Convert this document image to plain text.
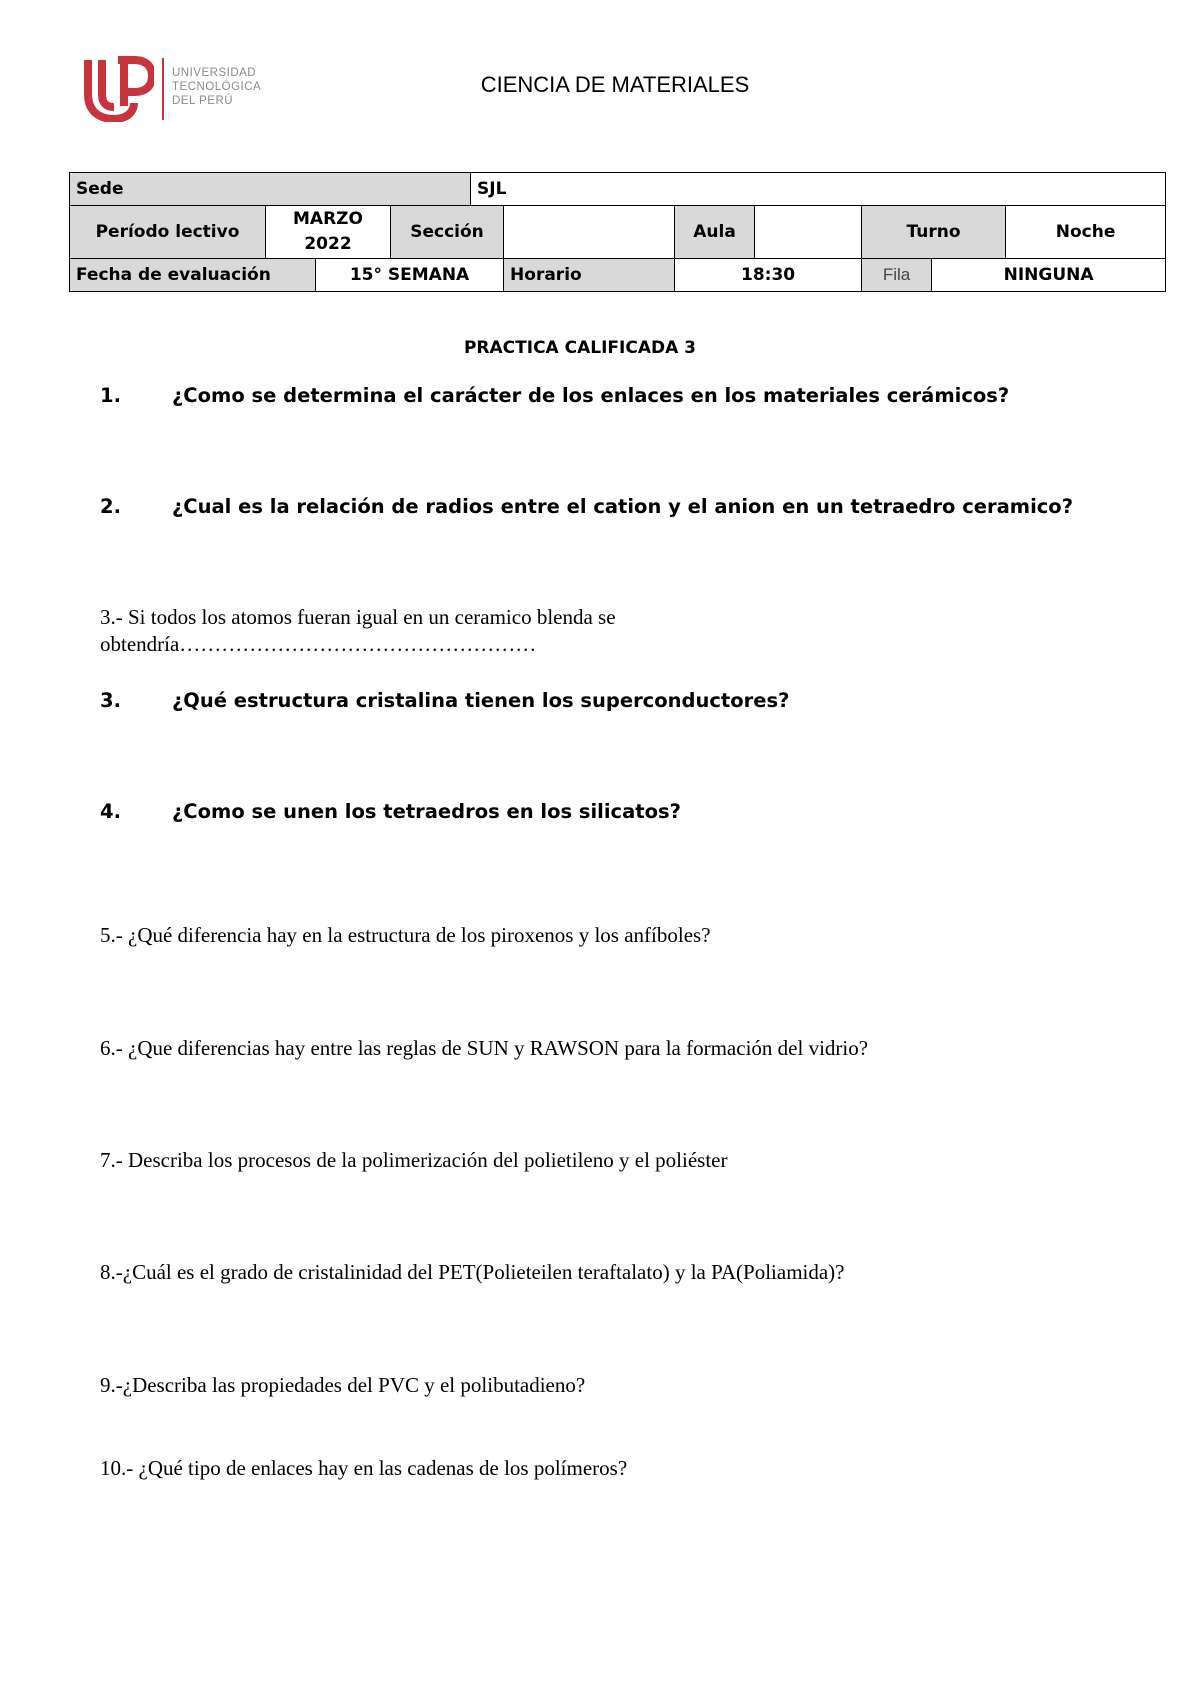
UNIVERSIDAD
TECNOLÓGICA
DEL PERÚ
CIENCIA DE MATERIALES
Sede				SJL						
Período lectivo	MARZO
2022		Sección			Aula		Turno		Noche
Fecha de evaluación		15° SEMANA			Horario	18:30		Fila	NINGUNA	
PRACTICA CALIFICADA 3
1.	¿Como se determina el carácter de los enlaces en los materiales cerámicos?
2.	¿Cual es la relación de radios entre el cation y el anion en un tetraedro ceramico?
3.- Si todos los atomos fueran igual en un ceramico blenda se
obtendría……………………………………………
3.	¿Qué estructura cristalina tienen los superconductores?
4.	¿Como se unen los tetraedros en los silicatos?
5.- ¿Qué diferencia hay en la estructura de los piroxenos y los anfíboles?
6.- ¿Que diferencias hay entre las reglas de SUN y RAWSON para la formación del vidrio?
7.- Describa los procesos de la polimerización del polietileno y el poliéster
8.-¿Cuál es el grado de cristalinidad del PET(Polieteilen teraftalato) y la PA(Poliamida)?
9.-¿Describa las propiedades del PVC y el polibutadieno?
10.- ¿Qué tipo de enlaces hay en las cadenas de los polímeros?
